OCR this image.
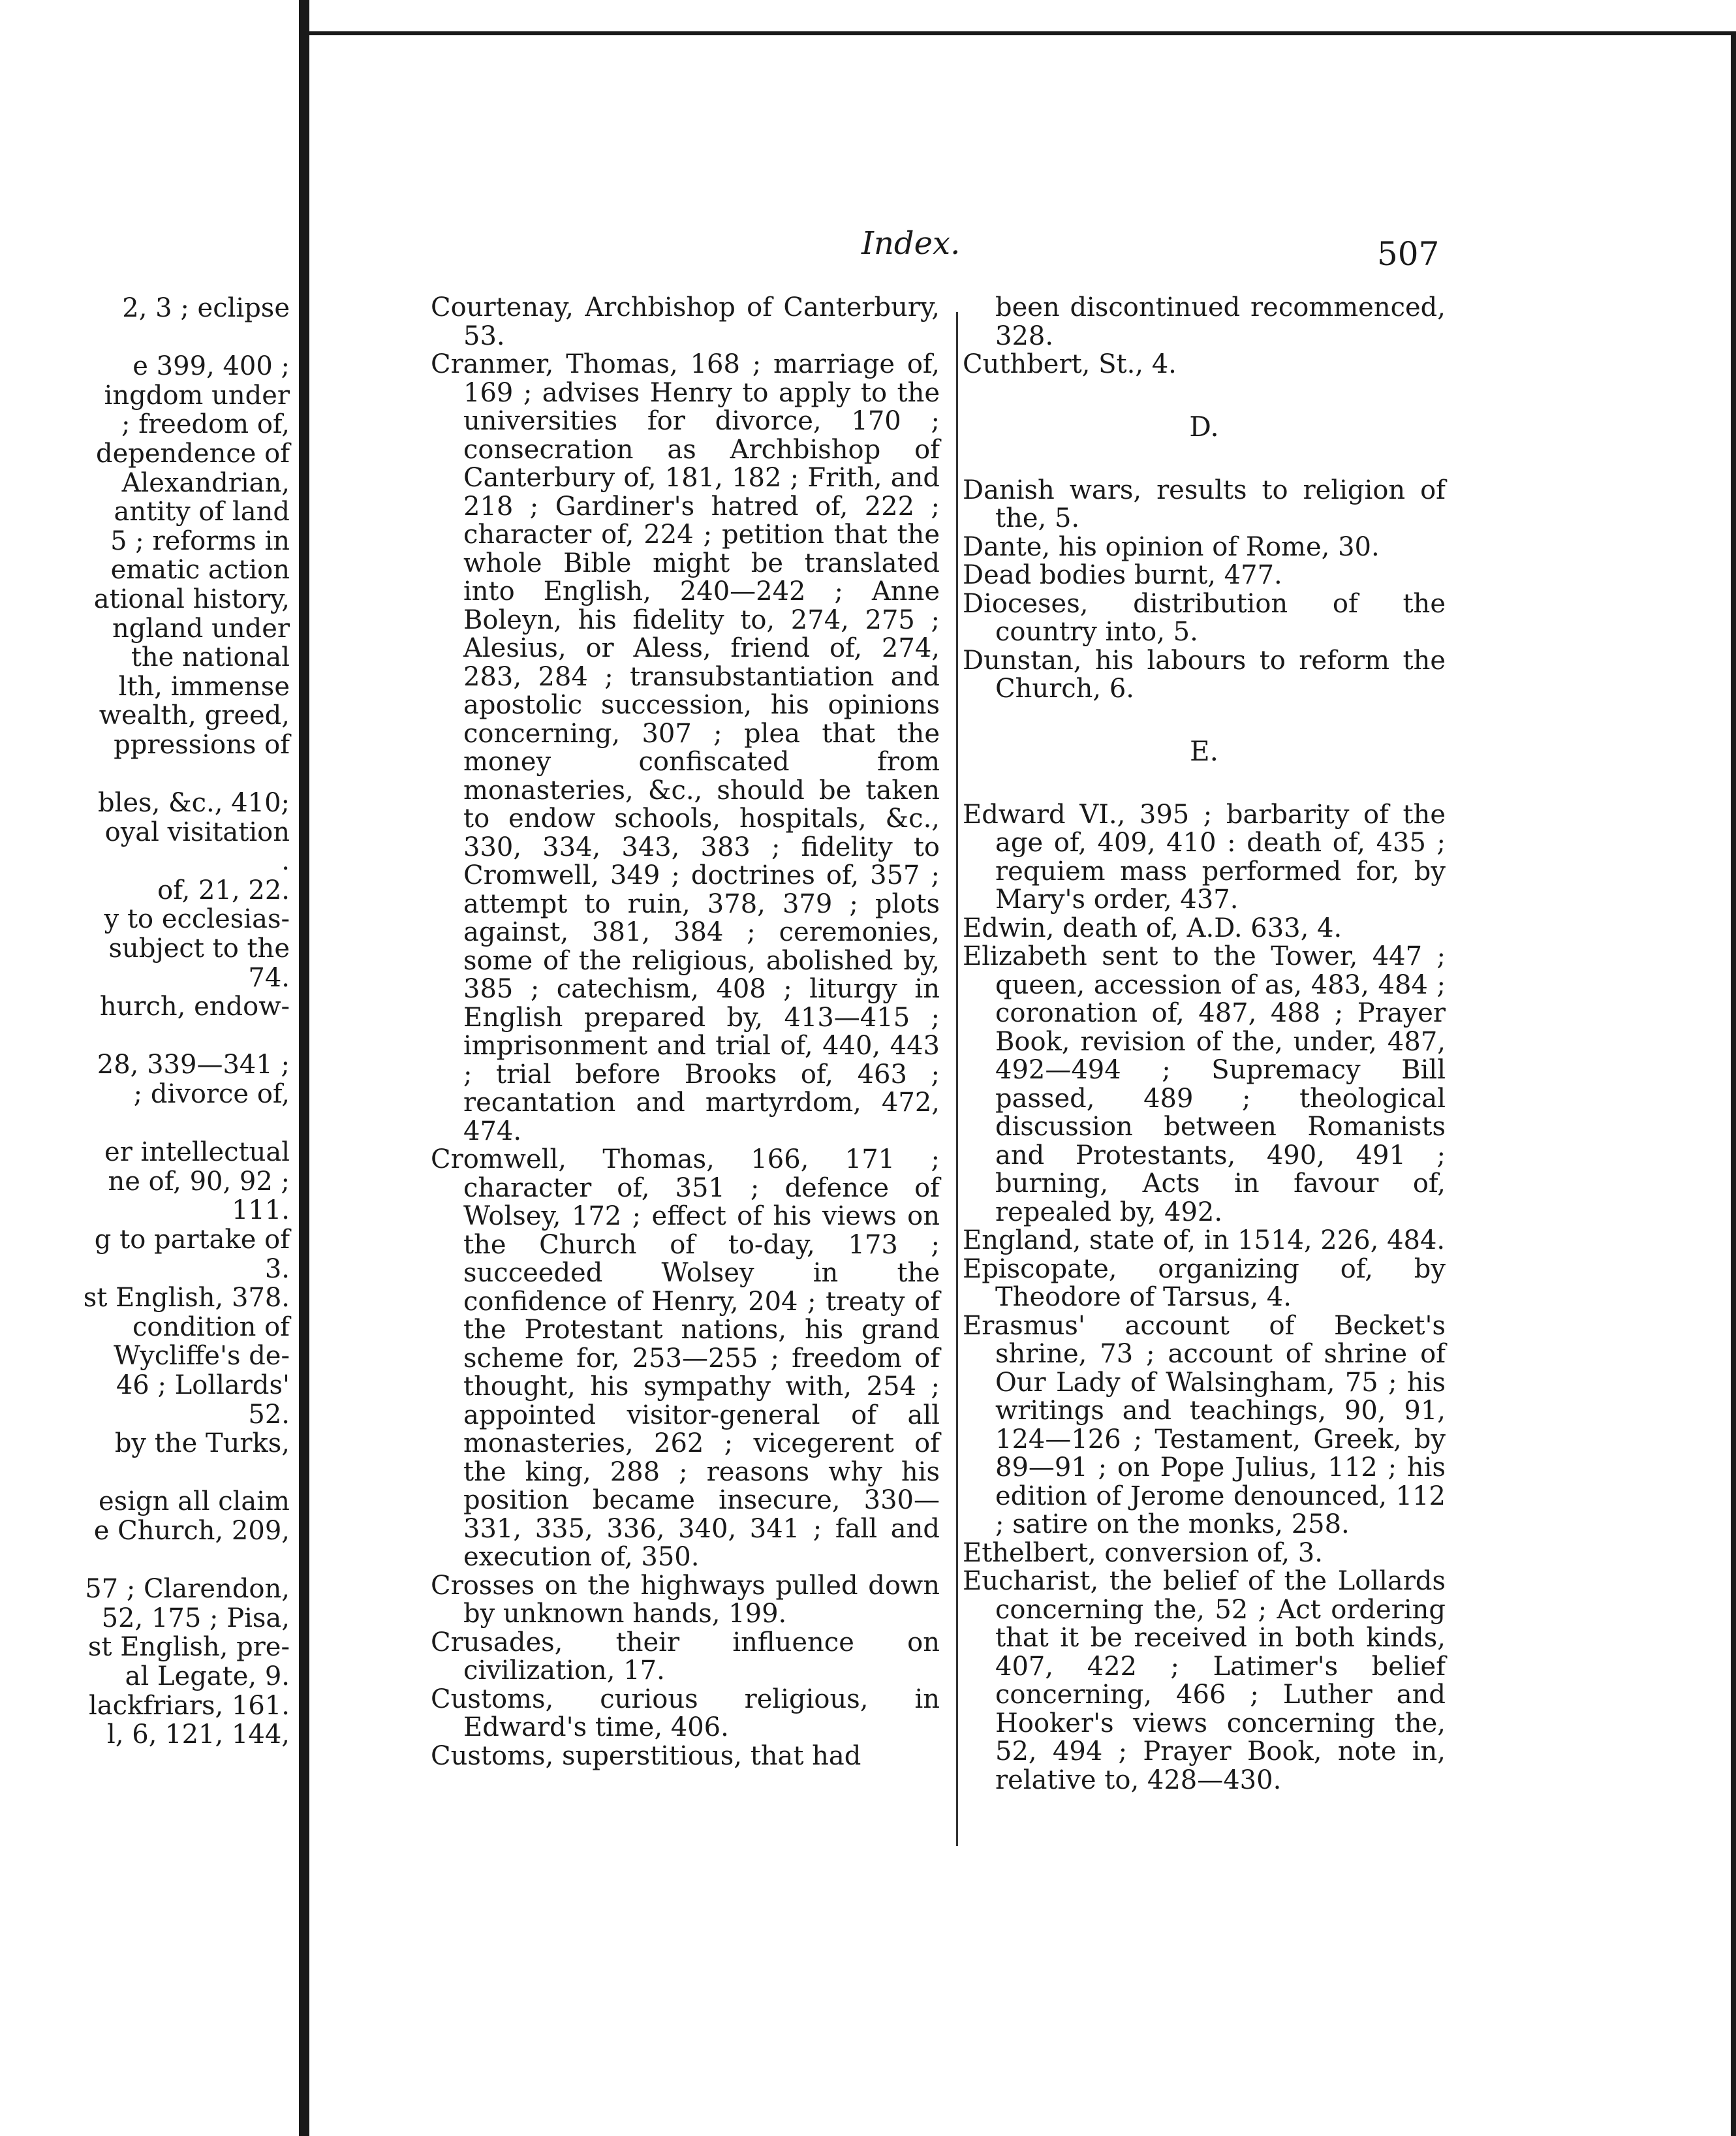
2, 3 ; eclipse

e 399, 400 ;
ingdom under
; freedom of,
dependence of
Alexandrian,
antity of land
5 ; reforms in
ematic action
ational history,
ngland under
the national
lth, immense
wealth, greed,
ppressions of

bles, &c., 410;
oyal visitation
.
of, 21, 22.
y to ecclesias-
subject to the
74.
hurch, endow-

28, 339—341 ;
; divorce of,

er intellectual
ne of, 90, 92 ;
111.
g to partake of
3.
st English, 378.
condition of
Wycliffe's de-
46 ; Lollards'
52.
by the Turks,

esign all claim
e Church, 209,

57 ; Clarendon,
52, 175 ; Pisa,
st English, pre-
al Legate, 9.
lackfriars, 161.
l, 6, 121, 144,
Index.	507
Courtenay, Archbishop of Canterbury, 53.
Cranmer, Thomas, 168 ; marriage of, 169 ; advises Henry to apply to the universities for divorce, 170 ; consecration as Archbishop of Canterbury of, 181, 182 ; Frith, and 218 ; Gardiner's hatred of, 222 ; character of, 224 ; petition that the whole Bible might be translated into English, 240—242 ; Anne Boleyn, his fidelity to, 274, 275 ; Alesius, or Aless, friend of, 274, 283, 284 ; transubstantiation and apostolic succession, his opinions concerning, 307 ; plea that the money confiscated from monasteries, &c., should be taken to endow schools, hospitals, &c., 330, 334, 343, 383 ; fidelity to Cromwell, 349 ; doctrines of, 357 ; attempt to ruin, 378, 379 ; plots against, 381, 384 ; ceremonies, some of the religious, abolished by, 385 ; catechism, 408 ; liturgy in English prepared by, 413—415 ; imprisonment and trial of, 440, 443 ; trial before Brooks of, 463 ; recantation and martyrdom, 472, 474.
Cromwell, Thomas, 166, 171 ; character of, 351 ; defence of Wolsey, 172 ; effect of his views on the Church of to-day, 173 ; succeeded Wolsey in the confidence of Henry, 204 ; treaty of the Protestant nations, his grand scheme for, 253—255 ; freedom of thought, his sympathy with, 254 ; appointed visitor-general of all monasteries, 262 ; vicegerent of the king, 288 ; reasons why his position became insecure, 330—331, 335, 336, 340, 341 ; fall and execution of, 350.
Crosses on the highways pulled down by unknown hands, 199.
Crusades, their influence on civilization, 17.
Customs, curious religious, in Edward's time, 406.
Customs, superstitious, that had
been discontinued recommenced, 328.
Cuthbert, St., 4.
D.
Danish wars, results to religion of the, 5.
Dante, his opinion of Rome, 30.
Dead bodies burnt, 477.
Dioceses, distribution of the country into, 5.
Dunstan, his labours to reform the Church, 6.
E.
Edward VI., 395 ; barbarity of the age of, 409, 410 : death of, 435 ; requiem mass performed for, by Mary's order, 437.
Edwin, death of, A.D. 633, 4.
Elizabeth sent to the Tower, 447 ; queen, accession of as, 483, 484 ; coronation of, 487, 488 ; Prayer Book, revision of the, under, 487, 492—494 ; Supremacy Bill passed, 489 ; theological discussion between Romanists and Protestants, 490, 491 ; burning, Acts in favour of, repealed by, 492.
England, state of, in 1514, 226, 484.
Episcopate, organizing of, by Theodore of Tarsus, 4.
Erasmus' account of Becket's shrine, 73 ; account of shrine of Our Lady of Walsingham, 75 ; his writings and teachings, 90, 91, 124—126 ; Testament, Greek, by 89—91 ; on Pope Julius, 112 ; his edition of Jerome denounced, 112 ; satire on the monks, 258.
Ethelbert, conversion of, 3.
Eucharist, the belief of the Lollards concerning the, 52 ; Act ordering that it be received in both kinds, 407, 422 ; Latimer's belief concerning, 466 ; Luther and Hooker's views concerning the, 52, 494 ; Prayer Book, note in, relative to, 428—430.
